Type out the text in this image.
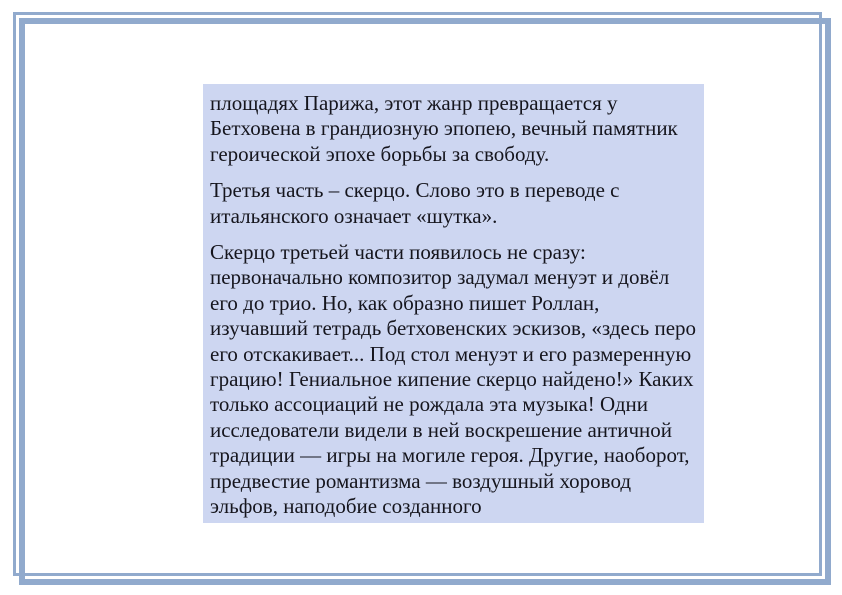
площадях Парижа, этот жанр превращается у Бетховена в грандиозную эпопею, вечный памятник героической эпохе борьбы за свободу.

Третья часть – скерцо. Слово это в переводе с итальянского означает «шутка».

Скерцо третьей части появилось не сразу: первоначально композитор задумал менуэт и довёл его до трио. Но, как образно пишет Роллан, изучавший тетрадь бетховенских эскизов, «здесь перо его отскакивает... Под стол менуэт и его размеренную грацию! Гениальное кипение скерцо найдено!» Каких только ассоциаций не рождала эта музыка! Одни исследователи видели в ней воскрешение античной традиции — игры на могиле героя. Другие, наоборот, предвестие романтизма — воздушный хоровод эльфов, наподобие созданного
